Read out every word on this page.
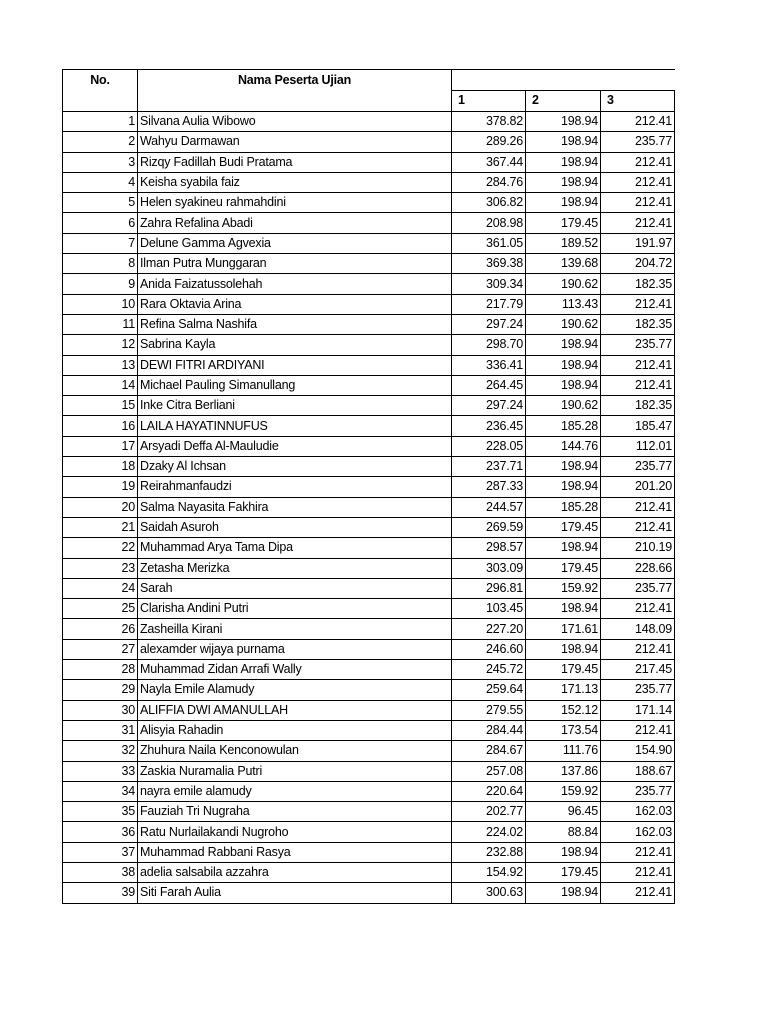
No.	Nama Peserta Ujian			
		1	2	3
1	Silvana Aulia Wibowo	378.82	198.94	212.41
2	Wahyu Darmawan	289.26	198.94	235.77
3	Rizqy Fadillah Budi Pratama	367.44	198.94	212.41
4	Keisha syabila faiz	284.76	198.94	212.41
5	Helen syakineu rahmahdini	306.82	198.94	212.41
6	Zahra Refalina Abadi	208.98	179.45	212.41
7	Delune Gamma Agvexia	361.05	189.52	191.97
8	Ilman Putra Munggaran	369.38	139.68	204.72
9	Anida Faizatussolehah	309.34	190.62	182.35
10	Rara Oktavia Arina	217.79	113.43	212.41
11	Refina Salma Nashifa	297.24	190.62	182.35
12	Sabrina Kayla	298.70	198.94	235.77
13	DEWI FITRI ARDIYANI	336.41	198.94	212.41
14	Michael Pauling Simanullang	264.45	198.94	212.41
15	Inke Citra Berliani	297.24	190.62	182.35
16	LAILA HAYATINNUFUS	236.45	185.28	185.47
17	Arsyadi Deffa Al-Mauludie	228.05	144.76	112.01
18	Dzaky Al Ichsan	237.71	198.94	235.77
19	Reirahmanfaudzi	287.33	198.94	201.20
20	Salma Nayasita Fakhira	244.57	185.28	212.41
21	Saidah Asuroh	269.59	179.45	212.41
22	Muhammad Arya Tama Dipa	298.57	198.94	210.19
23	Zetasha Merizka	303.09	179.45	228.66
24	Sarah	296.81	159.92	235.77
25	Clarisha Andini Putri	103.45	198.94	212.41
26	Zasheilla Kirani	227.20	171.61	148.09
27	alexamder wijaya purnama	246.60	198.94	212.41
28	Muhammad Zidan Arrafi Wally	245.72	179.45	217.45
29	Nayla Emile Alamudy	259.64	171.13	235.77
30	ALIFFIA DWI AMANULLAH	279.55	152.12	171.14
31	Alisyia Rahadin	284.44	173.54	212.41
32	Zhuhura Naila Kenconowulan	284.67	111.76	154.90
33	Zaskia Nuramalia Putri	257.08	137.86	188.67
34	nayra emile alamudy	220.64	159.92	235.77
35	Fauziah Tri Nugraha	202.77	96.45	162.03
36	Ratu Nurlailakandi Nugroho	224.02	88.84	162.03
37	Muhammad Rabbani Rasya	232.88	198.94	212.41
38	adelia salsabila azzahra	154.92	179.45	212.41
39	Siti Farah Aulia	300.63	198.94	212.41
